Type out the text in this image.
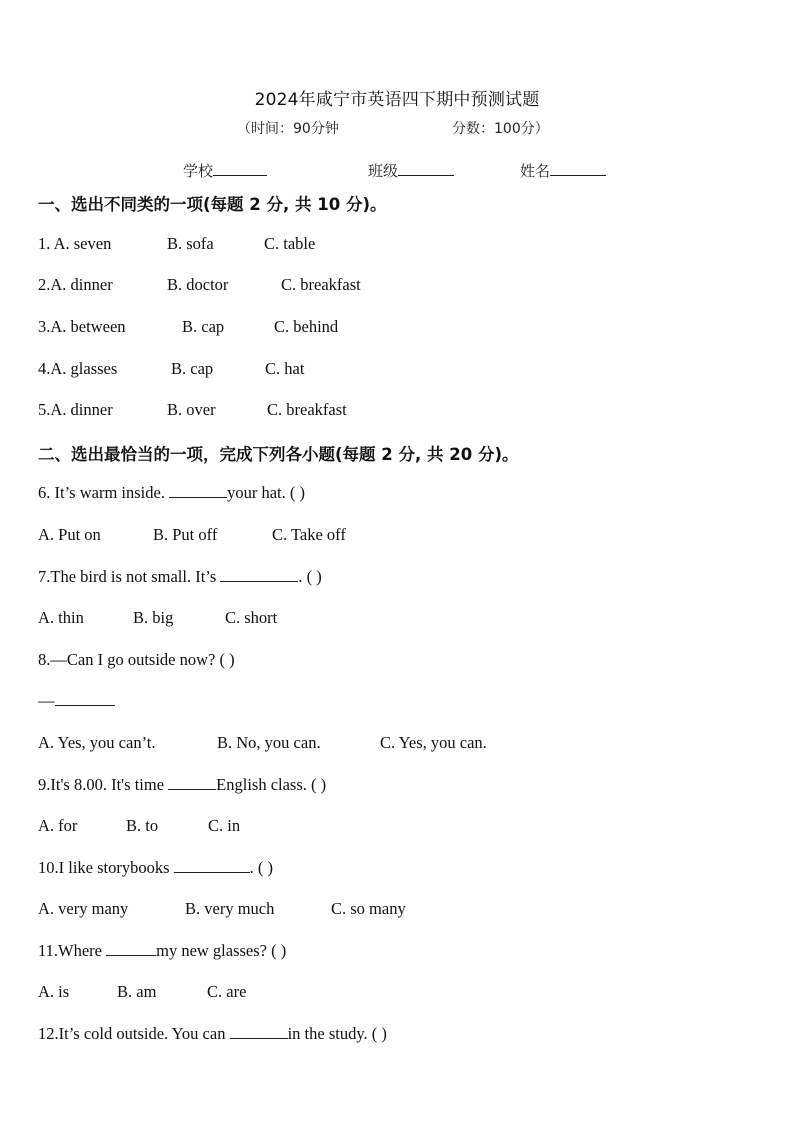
2024年咸宁市英语四下期中预测试题
（时间：90分钟	分数：100分）
学校	班级	姓名
一、选出不同类的一项(每题 2 分, 共 10 分)。
1. A. seven	B. sofa	C. table
2.A. dinner	B. doctor	C. breakfast
3.A. between	B. cap	C. behind
4.A. glasses	B. cap	C. hat
5.A. dinner	B. over	C. breakfast
二、选出最恰当的一项，完成下列各小题(每题 2 分, 共 20 分)。
6. It’s warm inside.	your hat. ( )
A. Put on	B. Put off	C. Take off
7.The bird is not small. It’s	. ( )
A. thin	B. big	C. short
8.—Can I go outside now? ( )
—
A. Yes, you can’t.	B. No, you can.	C. Yes, you can.
9.It's 8.00. It's time	English class. ( )
A. for	B. to	C. in
10.I like storybooks	. ( )
A. very many	B. very much	C. so many
11.Where	my new glasses? ( )
A. is	B. am	C. are
12.It’s cold outside. You can	in the study. ( )
